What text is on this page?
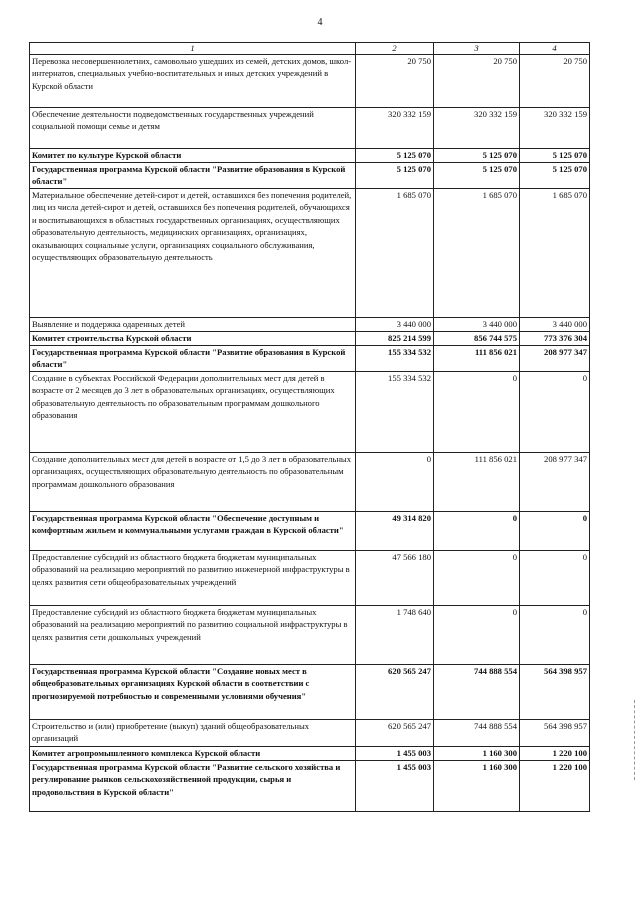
4
1	2	3	4
Перевозка несовершеннолетних, самовольно ушедших из семей, детских домов, школ-интернатов, специальных учебно-воспитательных и иных детских учреждений в Курской области	20 750	20 750	20 750
Обеспечение деятельности подведомственных государственных учреждений социальной помощи семье и детям	320 332 159	320 332 159	320 332 159
Комитет по культуре Курской области	5 125 070	5 125 070	5 125 070
Государственная программа Курской области "Развитие образования в Курской области"	5 125 070	5 125 070	5 125 070
Материальное обеспечение детей-сирот и детей, оставшихся без попечения родителей, лиц из числа детей-сирот и детей, оставшихся без попечения родителей, обучающихся и воспитывающихся в областных государственных организациях, осуществляющих образовательную деятельность, медицинских организациях, организациях, оказывающих социальные услуги, организациях социального обслуживания, осуществляющих образовательную деятельность	1 685 070	1 685 070	1 685 070
Выявление и поддержка одаренных детей	3 440 000	3 440 000	3 440 000
Комитет строительства Курской области	825 214 599	856 744 575	773 376 304
Государственная программа Курской области "Развитие образования в Курской области"	155 334 532	111 856 021	208 977 347
Создание в субъектах Российской Федерации дополнительных мест для детей в возрасте от 2 месяцев до 3 лет в образовательных организациях, осуществляющих образовательную деятельность по образовательным программам дошкольного образования	155 334 532	0	0
Создание дополнительных мест для детей в возрасте от 1,5 до 3 лет в образовательных организациях, осуществляющих образовательную деятельность по образовательным программам дошкольного образования	0	111 856 021	208 977 347
Государственная программа Курской области "Обеспечение доступным и комфортным жильем и коммунальными услугами граждан в Курской области"	49 314 820	0	0
Предоставление субсидий из областного бюджета бюджетам муниципальных образований на реализацию мероприятий по развитию инженерной инфраструктуры в целях развития сети общеобразовательных учреждений	47 566 180	0	0
Предоставление субсидий из областного бюджета бюджетам муниципальных образований на реализацию мероприятий по развитию социальной инфраструктуры в целях развития сети дошкольных учреждений	1 748 640	0	0
Государственная программа Курской области "Создание новых мест в общеобразовательных организациях Курской области в соответствии с прогнозируемой потребностью и современными условиями обучения"	620 565 247	744 888 554	564 398 957
Строительство и (или) приобретение (выкуп) зданий общеобразовательных организаций	620 565 247	744 888 554	564 398 957
Комитет агропромышленного комплекса Курской области	1 455 003	1 160 300	1 220 100
Государственная программа Курской области "Развитие сельского хозяйства и регулирование рынков сельскохозяйственной продукции, сырья и продовольствия в Курской области"	1 455 003	1 160 300	1 220 100
